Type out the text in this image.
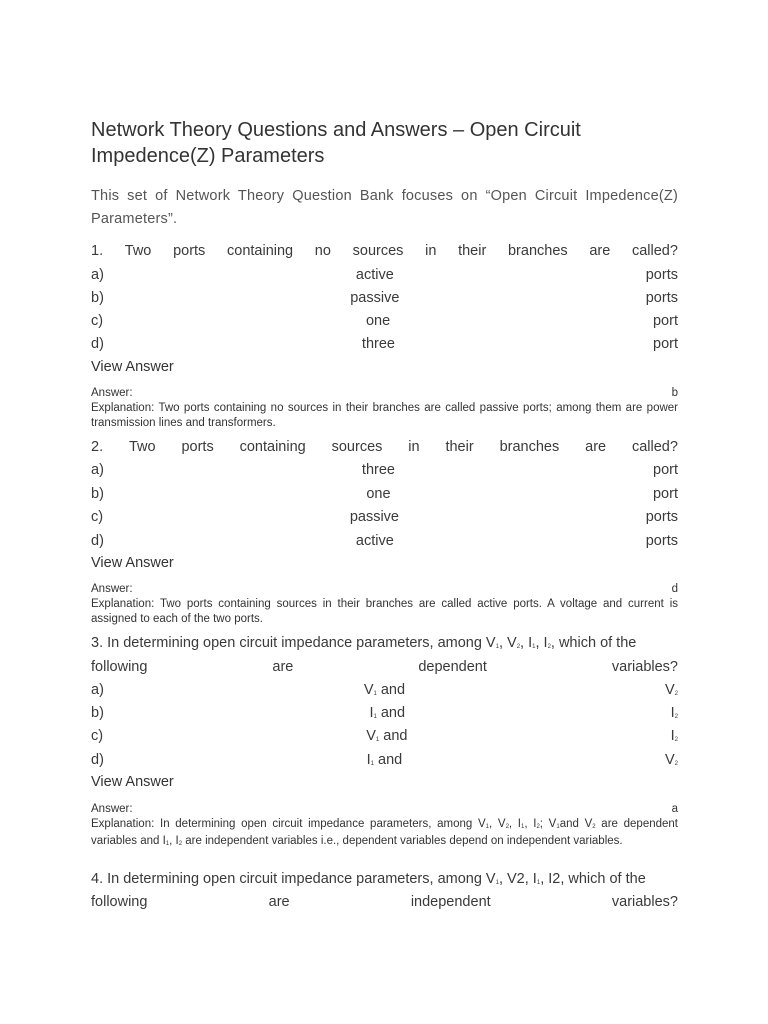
Network Theory Questions and Answers – Open Circuit Impedence(Z) Parameters
This set of Network Theory Question Bank focuses on “Open Circuit Impedence(Z)
Parameters”.
1. Two ports containing no sources in their branches are called?
a)	active	ports
b)	passive	ports
c)	one	port
d)	three	port
View Answer
Answer:	b
Explanation: Two ports containing no sources in their branches are called passive ports; among them are power transmission lines and transformers.
2. Two ports containing sources in their branches are called?
a)	three	port
b)	one	port
c)	passive	ports
d)	active	ports
View Answer
Answer:	d
Explanation: Two ports containing sources in their branches are called active ports. A voltage and current is assigned to each of the two ports.
3. In determining open circuit impedance parameters, among $V_1$, $V_2$, $I_1$, $I_2$, which of the
following	are	dependent	variables?
a)	$V_1$ and	$V_2$
b)	$I_1$ and	$I_2$
c)	$V_1$ and	$I_2$
d)	$I_1$ and	$V_2$
View Answer
Answer:	a
Explanation: In determining open circuit impedance parameters, among $V_1$, $V_2$, $I_1$, $I_2$; $V_1and$ $V_2$ are dependent variables and $I_1$, $I_2$ are independent variables i.e., dependent variables depend on independent variables.
4. In determining open circuit impedance parameters, among $V_1$, V2, $I_1$, I2, which of the
following	are	independent	variables?
